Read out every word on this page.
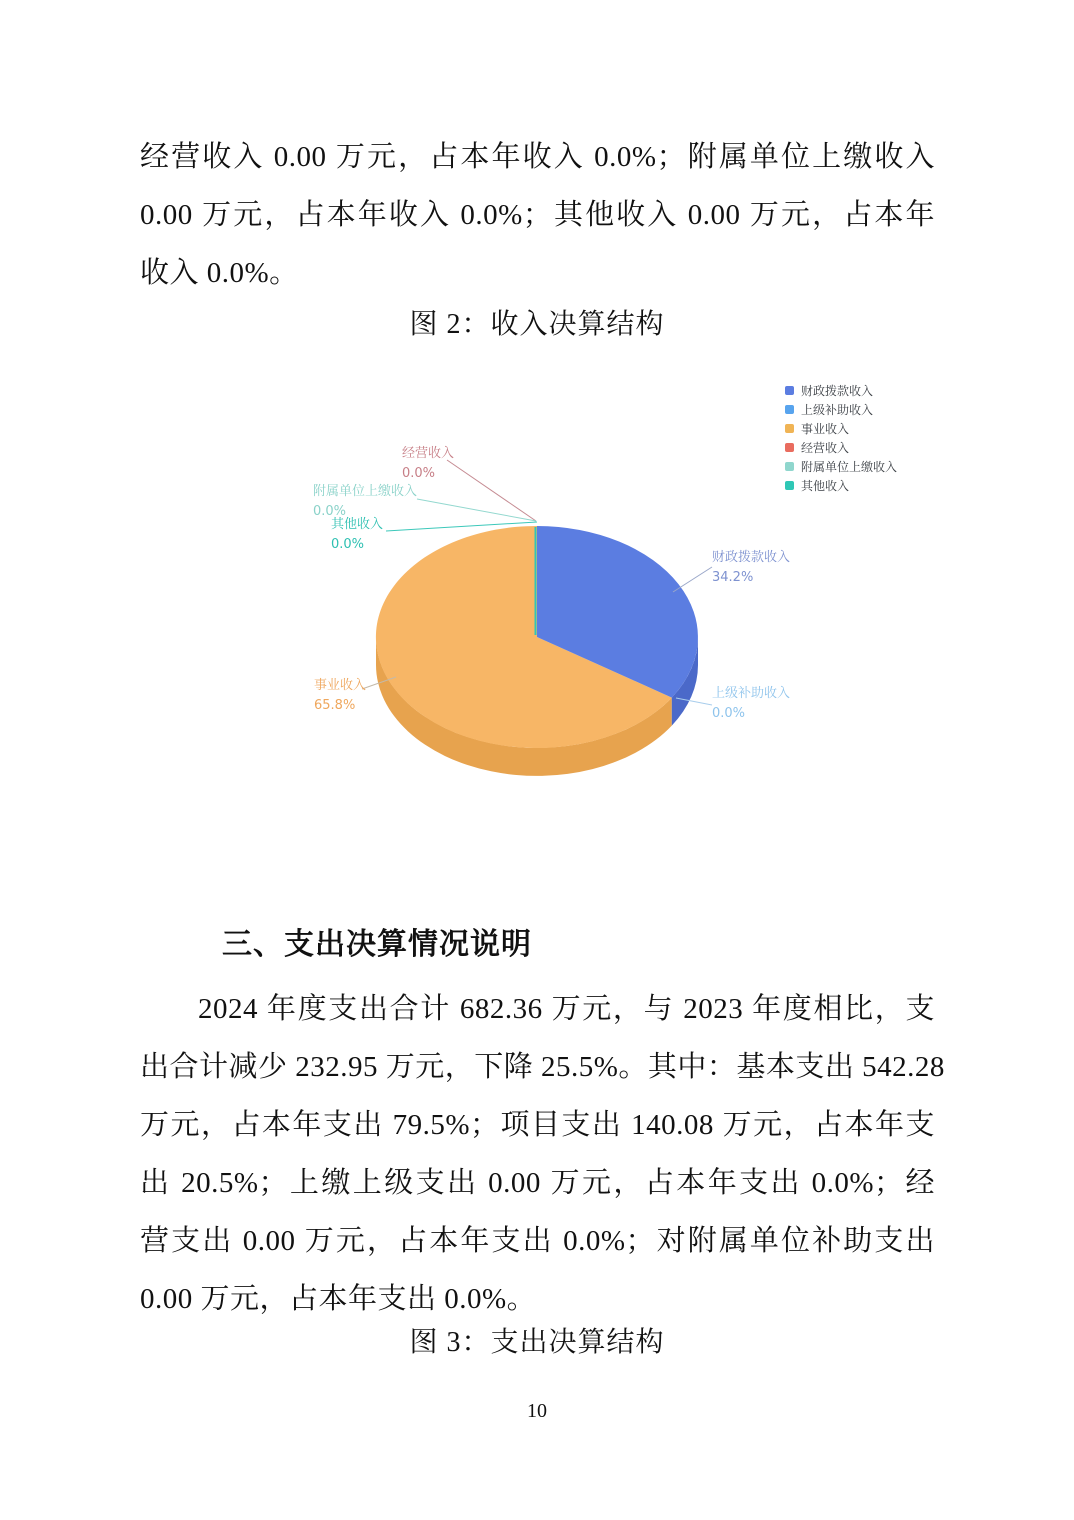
经营收入 0.00 万元，占本年收入 0.0%；附属单位上缴收入
0.00 万元，占本年收入 0.0%；其他收入 0.00 万元，占本年
收入 0.0%。
图 2：收入决算结构
财政拨款收入
上级补助收入
事业收入
经营收入
附属单位上缴收入
其他收入
经营收入
0.0%
附属单位上缴收入
0.0%
其他收入
0.0%
事业收入
65.8%
财政拨款收入
34.2%
上级补助收入
0.0%
三、支出决算情况说明
2024 年度支出合计 682.36 万元，与 2023 年度相比，支
出合计减少 232.95 万元，下降 25.5%。其中：基本支出 542.28
万元，占本年支出 79.5%；项目支出 140.08 万元，占本年支
出 20.5%；上缴上级支出 0.00 万元，占本年支出 0.0%；经
营支出 0.00 万元，占本年支出 0.0%；对附属单位补助支出
0.00 万元，占本年支出 0.0%。
图 3：支出决算结构
10
